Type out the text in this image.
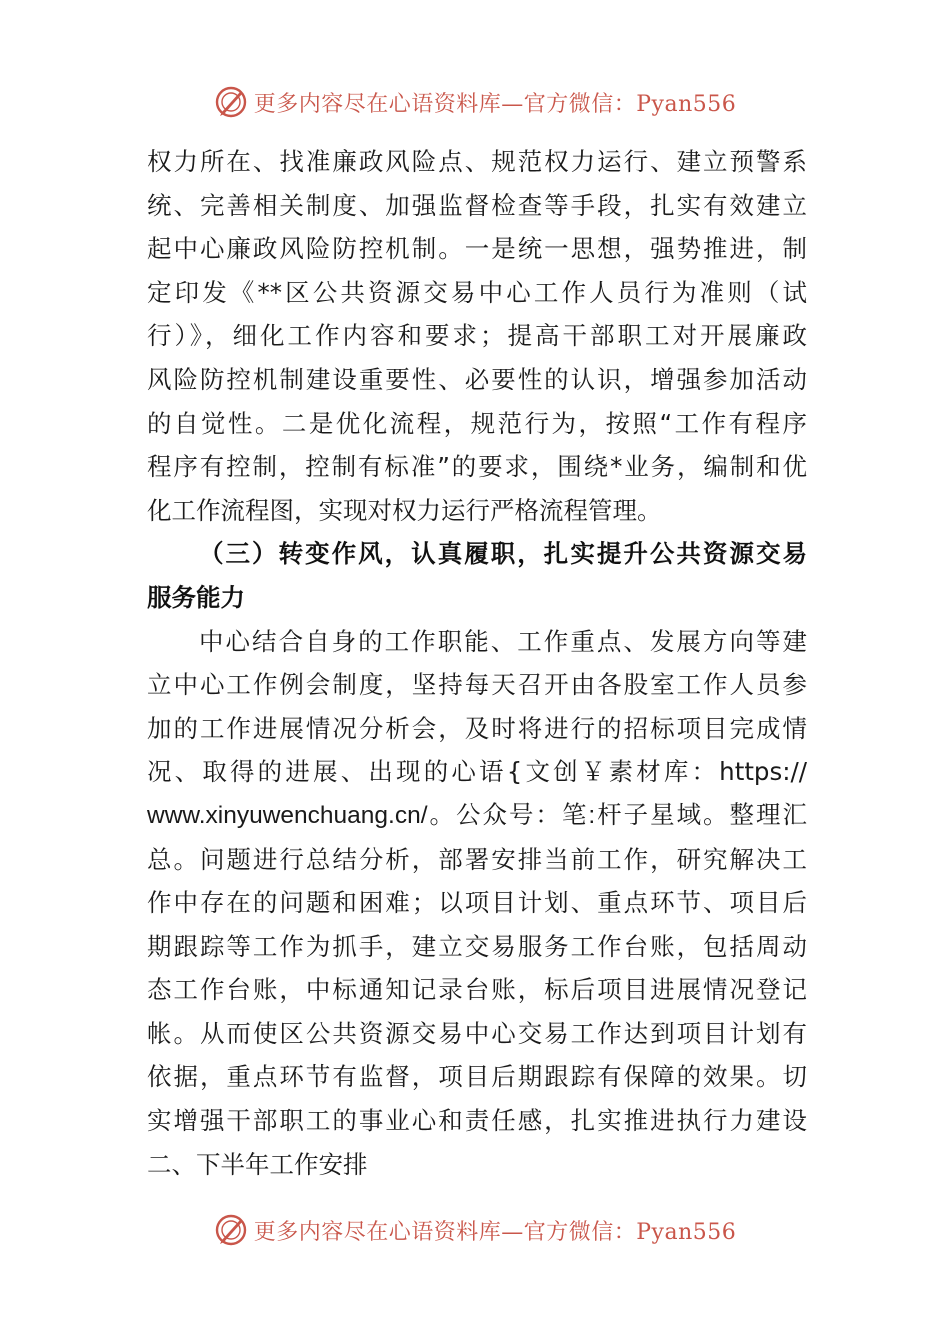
更多内容尽在心语资料库—官方微信：Pyan556
权力所在、找准廉政风险点、规范权力运行、建立预警系
统、完善相关制度、加强监督检查等手段，扎实有效建立
起中心廉政风险防控机制。一是统一思想，强势推进，制
定印发《**区公共资源交易中心工作人员行为准则（试
行）》，细化工作内容和要求；提高干部职工对开展廉政
风险防控机制建设重要性、必要性的认识，增强参加活动
的自觉性。二是优化流程，规范行为，按照“工作有程序
程序有控制，控制有标准”的要求，围绕*业务，编制和优
化工作流程图，实现对权力运行严格流程管理。
（三）转变作风，认真履职，扎实提升公共资源交易
服务能力
中心结合自身的工作职能、工作重点、发展方向等建
立中心工作例会制度，坚持每天召开由各股室工作人员参
加的工作进展情况分析会，及时将进行的招标项目完成情
况、取得的进展、出现的心语{文创￥素材库：https://
www.xinyuwenchuang.cn/。公众号：笔:杆子星域。整理汇
总。问题进行总结分析，部署安排当前工作，研究解决工
作中存在的问题和困难；以项目计划、重点环节、项目后
期跟踪等工作为抓手，建立交易服务工作台账，包括周动
态工作台账，中标通知记录台账，标后项目进展情况登记
帐。从而使区公共资源交易中心交易工作达到项目计划有
依据，重点环节有监督，项目后期跟踪有保障的效果。切
实增强干部职工的事业心和责任感，扎实推进执行力建设
二、下半年工作安排
更多内容尽在心语资料库—官方微信：Pyan556
